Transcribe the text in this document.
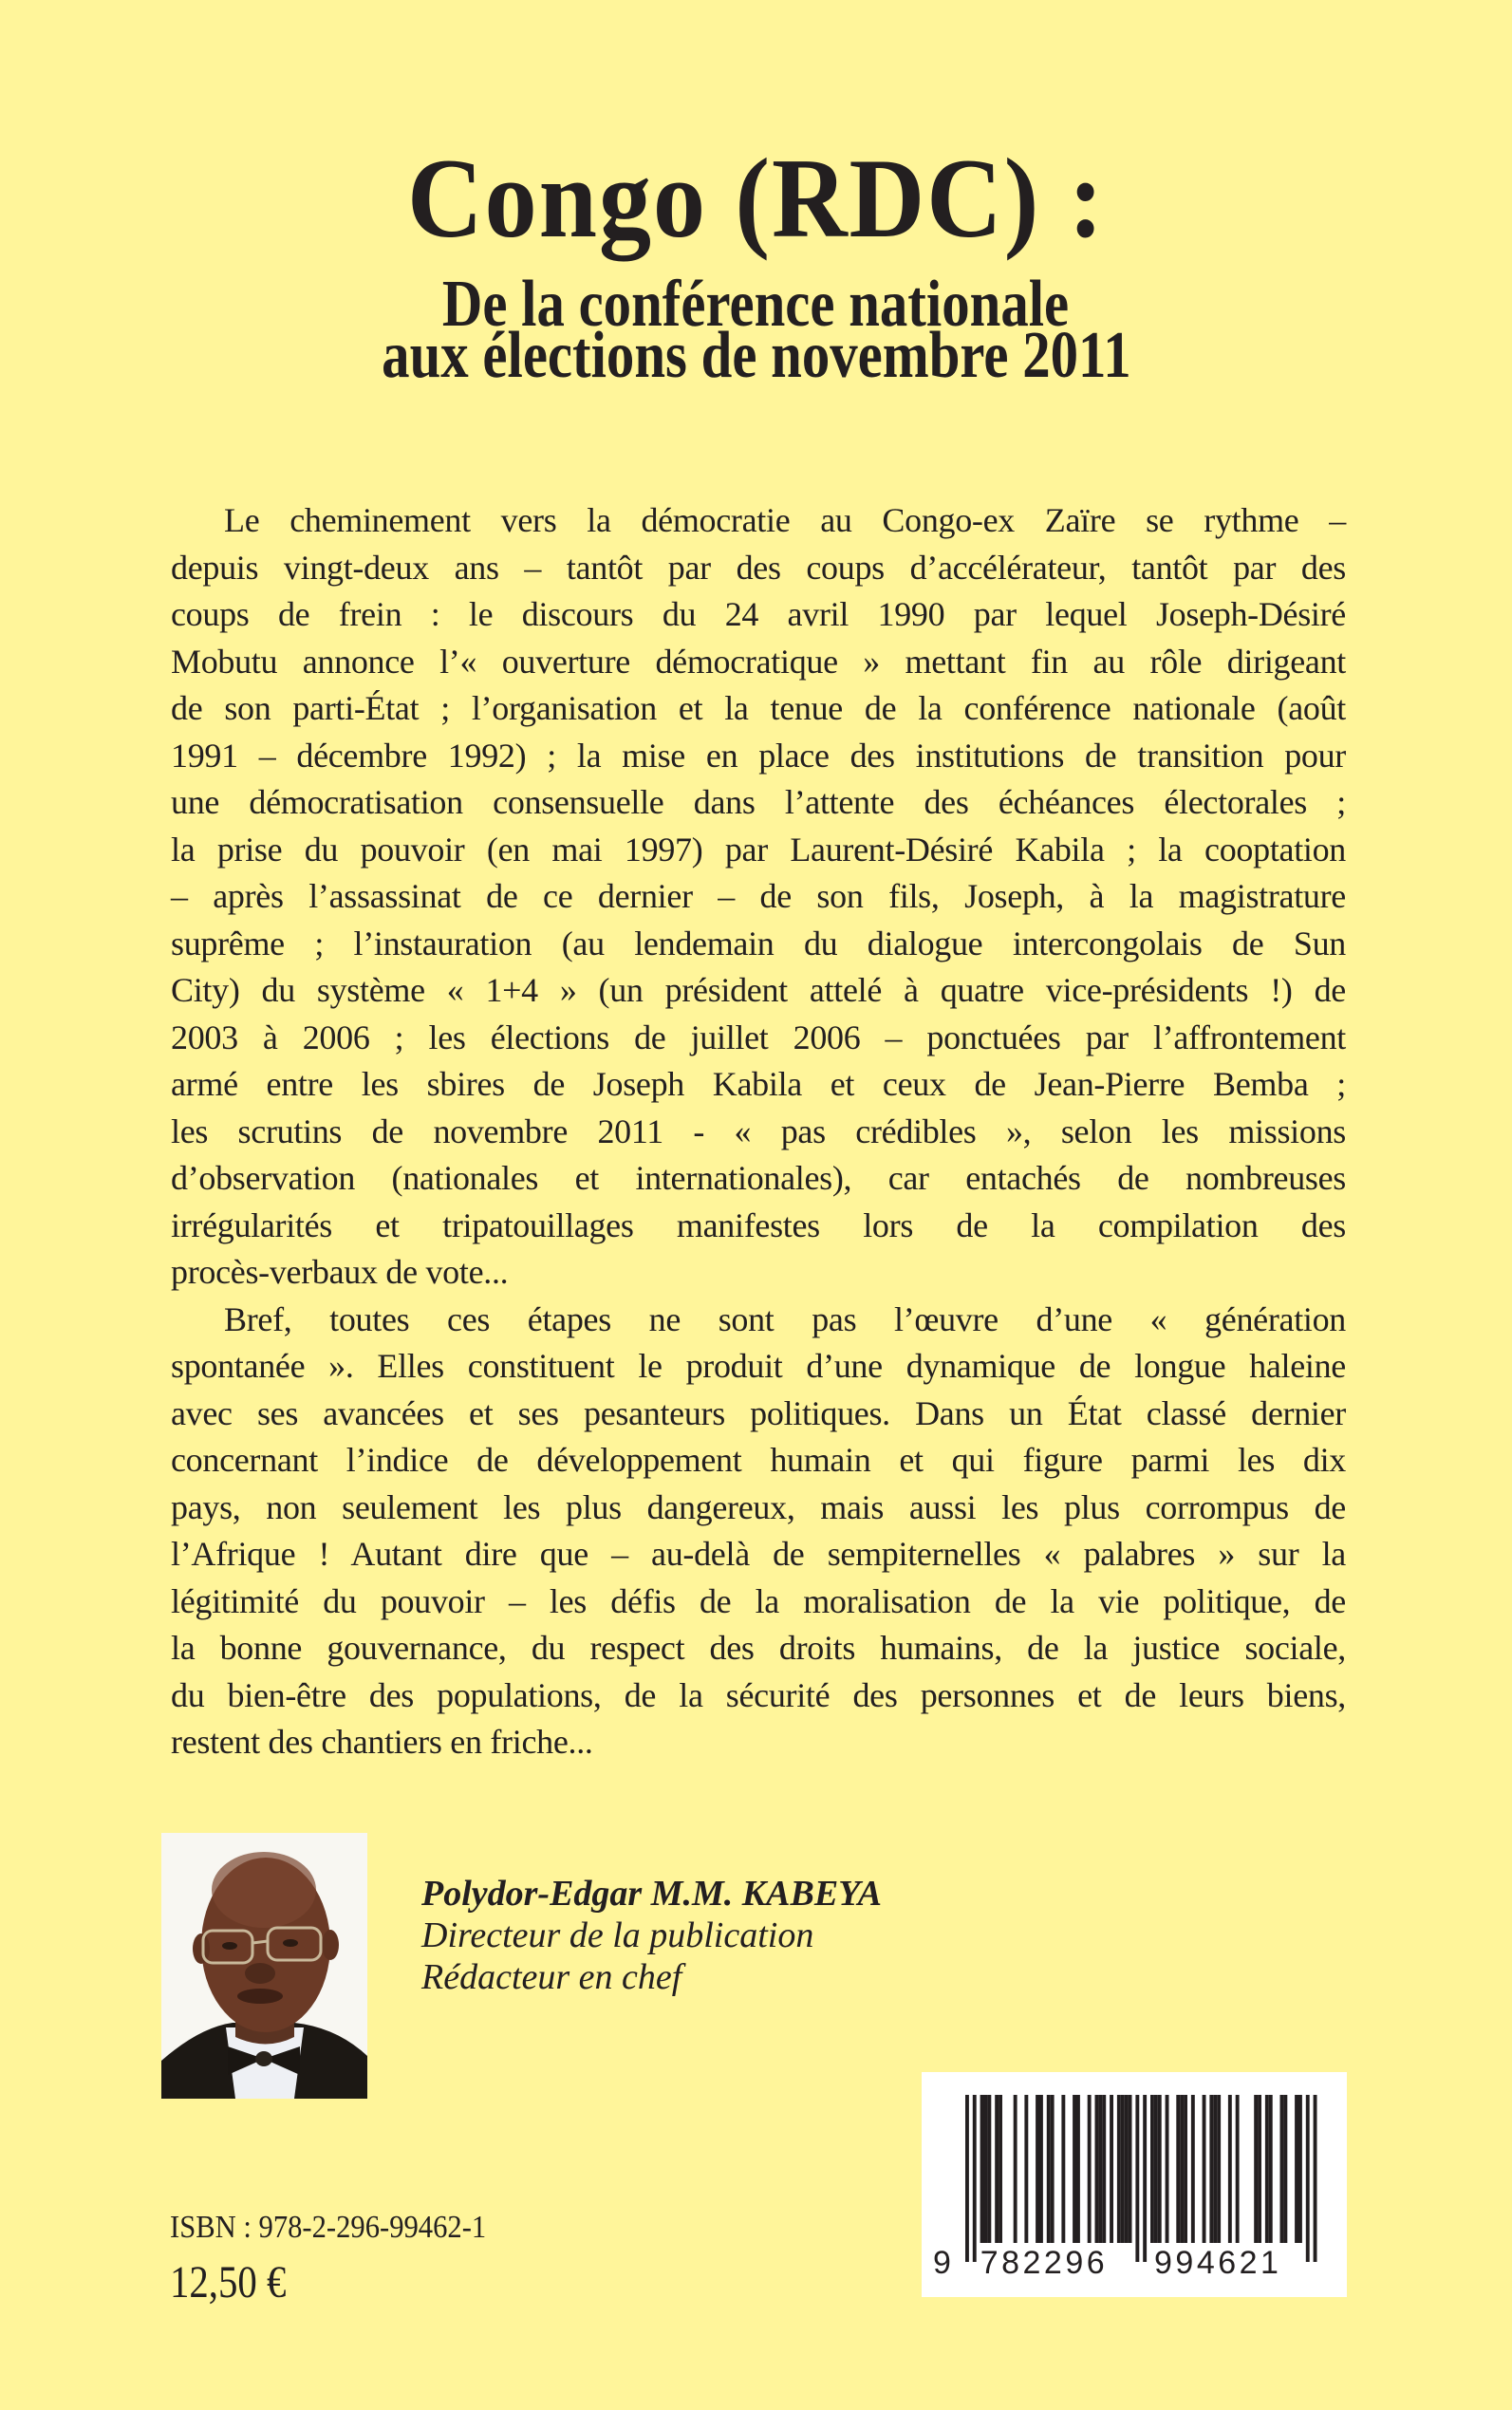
Congo (RDC) :
De la conférence nationale
aux élections de novembre 2011
Le cheminement vers la démocratie au Congo-ex Zaïre se rythme –
depuis vingt-deux ans – tantôt par des coups d’accélérateur, tantôt par des
coups de frein : le discours du 24 avril 1990 par lequel Joseph-Désiré
Mobutu annonce l’« ouverture démocratique » mettant fin au rôle dirigeant
de son parti-État ; l’organisation et la tenue de la conférence nationale (août
1991 – décembre 1992) ; la mise en place des institutions de transition pour
une démocratisation consensuelle dans l’attente des échéances électorales ;
la prise du pouvoir (en mai 1997) par Laurent-Désiré Kabila ; la cooptation
– après l’assassinat de ce dernier – de son fils, Joseph, à la magistrature
suprême ; l’instauration (au lendemain du dialogue intercongolais de Sun
City) du système « 1+4 » (un président attelé à quatre vice-présidents !) de
2003 à 2006 ; les élections de juillet 2006 – ponctuées par l’affrontement
armé entre les sbires de Joseph Kabila et ceux de Jean-Pierre Bemba ;
les scrutins de novembre 2011 - « pas crédibles », selon les missions
d’observation (nationales et internationales), car entachés de nombreuses
irrégularités et tripatouillages manifestes lors de la compilation des
procès-verbaux de vote...
Bref, toutes ces étapes ne sont pas l’œuvre d’une « génération
spontanée ». Elles constituent le produit d’une dynamique de longue haleine
avec ses avancées et ses pesanteurs politiques. Dans un État classé dernier
concernant l’indice de développement humain et qui figure parmi les dix
pays, non seulement les plus dangereux, mais aussi les plus corrompus de
l’Afrique ! Autant dire que – au-delà de sempiternelles « palabres » sur la
légitimité du pouvoir – les défis de la moralisation de la vie politique, de
la bonne gouvernance, du respect des droits humains, de la justice sociale,
du bien-être des populations, de la sécurité des personnes et de leurs biens,
restent des chantiers en friche...
Polydor-Edgar M.M. KABEYA
Directeur de la publication
Rédacteur en chef
ISBN : 978-2-296-99462-1
12,50 €	9 782296 994621
